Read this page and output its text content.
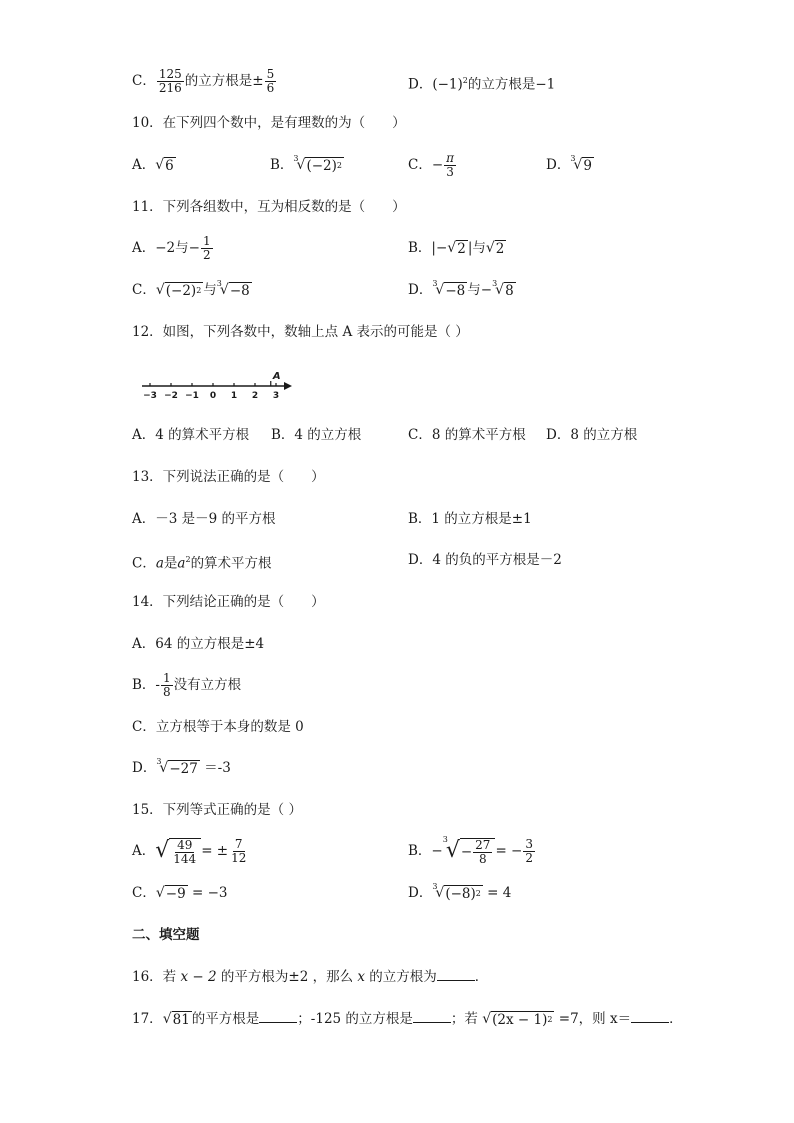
C． $\frac{125}{216}$ 的立方根是± $\frac{5}{6}$	D．$(-1)^2$的立方根是−1
10．在下列四个数中，是有理数的为（　　）
A． √ 6	B． 3
√ (−2) 2	C．− $\frac{\pi}{3}$	D． 3
√ 9
11．下列各组数中，互为相反数的是（　　）
A．−2与− $\frac{1}{2}$	B．|− √ 2 |与 √ 2
C． √ (−2) 2 与 3
√ −8	D． 3
√ −8 与− 3
√ 8
12．如图，下列各数中，数轴上点 A 表示的可能是（ ）
−3 −2 −1 0 1 2 3
A
A．4 的算术平方根 B．4 的立方根	C．8 的算术平方根 D．8 的立方根
13．下列说法正确的是（　　）
A．－3 是－9 的平方根	B．1 的立方根是±1
C．a是$a^2$的算术平方根	D．4 的负的平方根是－2
14．下列结论正确的是（　　）
A．64 的立方根是±4
B．- $\frac{1}{8}$ 没有立方根
C．立方根等于本身的数是 0
D． 3
√ −27 ＝-3
15．下列等式正确的是（ ）
A． √ $\frac{49}{144}$ = ± $\frac{7}{12}$	B．−
3
√ − $\frac{27}{8}$ = − $\frac{3}{2}$
C． √ −9 = −3	D． 3
√ (−8) 2 = 4
二、填空题
16．若 x − 2 的平方根为±2 ，那么 x 的立方根为	．
17． √ 81 的平方根是	；-125 的立方根是	；若 √ (2x − 1) 2 =7，则 x＝	．
